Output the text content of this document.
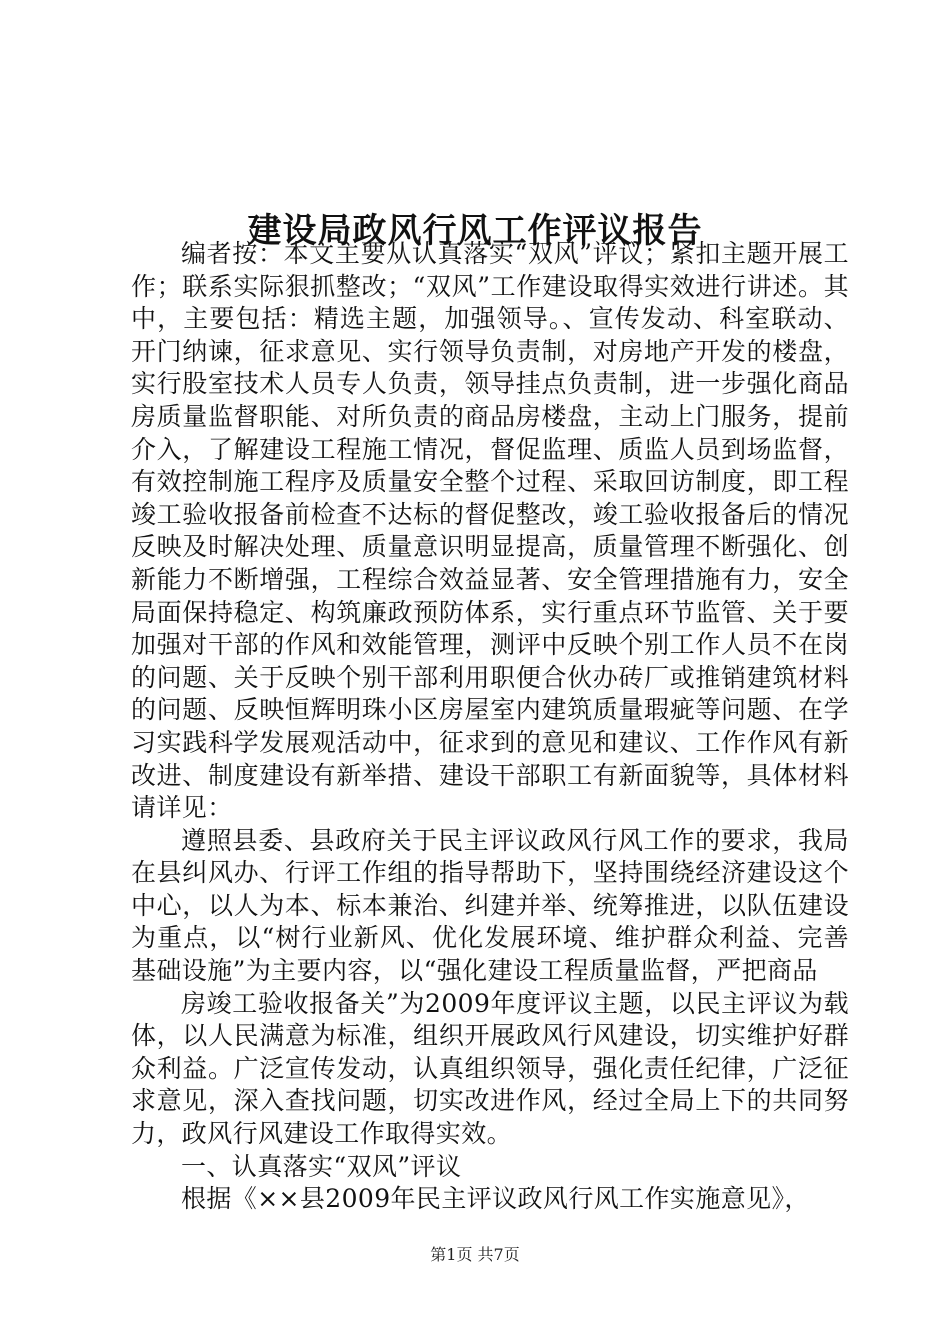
建设局政风行风工作评议报告

编者按：本文主要从认真落实“双风”评议；紧扣主题开展工作；联系实际狠抓整改；“双风”工作建设取得实效进行讲述。其中，主要包括：精选主题，加强领导。、宣传发动、科室联动、开门纳谏，征求意见、实行领导负责制，对房地产开发的楼盘，实行股室技术人员专人负责，领导挂点负责制，进一步强化商品房质量监督职能、对所负责的商品房楼盘，主动上门服务，提前介入，了解建设工程施工情况，督促监理、质监人员到场监督，有效控制施工程序及质量安全整个过程、采取回访制度，即工程竣工验收报备前检查不达标的督促整改，竣工验收报备后的情况反映及时解决处理、质量意识明显提高，质量管理不断强化、创新能力不断增强，工程综合效益显著、安全管理措施有力，安全局面保持稳定、构筑廉政预防体系，实行重点环节监管、关于要加强对干部的作风和效能管理，测评中反映个别工作人员不在岗的问题、关于反映个别干部利用职便合伙办砖厂或推销建筑材料的问题、反映恒辉明珠小区房屋室内建筑质量瑕疵等问题、在学习实践科学发展观活动中，征求到的意见和建议、工作作风有新改进、制度建设有新举措、建设干部职工有新面貌等，具体材料请详见：

遵照县委、县政府关于民主评议政风行风工作的要求，我局在县纠风办、行评工作组的指导帮助下，坚持围绕经济建设这个中心，以人为本、标本兼治、纠建并举、统筹推进，以队伍建设为重点，以“树行业新风、优化发展环境、维护群众利益、完善基础设施”为主要内容，以“强化建设工程质量监督，严把商品

房竣工验收报备关”为2009年度评议主题，以民主评议为载体，以人民满意为标准，组织开展政风行风建设，切实维护好群众利益。广泛宣传发动，认真组织领导，强化责任纪律，广泛征求意见，深入查找问题，切实改进作风，经过全局上下的共同努力，政风行风建设工作取得实效。

一、认真落实“双风”评议

根据《××县2009年民主评议政风行风工作实施意见》，

第1页 共7页
